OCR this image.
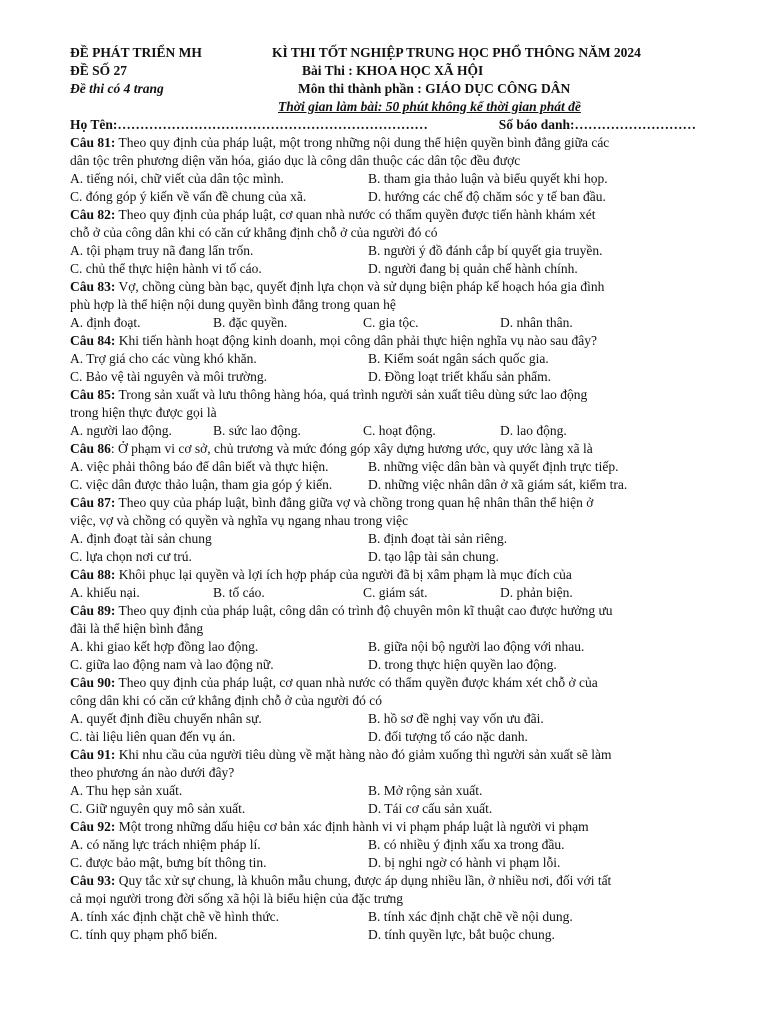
ĐỀ PHÁT TRIỂN MH	KÌ THI TỐT NGHIỆP TRUNG HỌC PHỔ THÔNG NĂM 2024
ĐỀ SỐ 27	Bài Thi : KHOA HỌC XÃ HỘI
Đề thi có 4 trang	Môn thi thành phần : GIÁO DỤC CÔNG DÂN
Thời gian làm bài: 50 phút không kể thời gian phát đề
Họ Tên:……………………………………………………………	Số báo danh:………………………

Câu 81: Theo quy định của pháp luật, một trong những nội dung thể hiện quyền bình đẳng giữa các

dân tộc trên phương diện văn hóa, giáo dục là công dân thuộc các dân tộc đều được

A. tiếng nói, chữ viết của dân tộc mình.	B. tham gia thảo luận và biểu quyết khi họp.
C. đóng góp ý kiến về vấn đề chung của xã.	D. hướng các chế độ chăm sóc y tế ban đầu.

Câu 82: Theo quy định của pháp luật, cơ quan nhà nước có thẩm quyền được tiến hành khám xét

chỗ ở của công dân khi có căn cứ khẳng định chỗ ở của người đó có

A. tội phạm truy nã đang lẩn trốn.	B. người ý đồ đánh cắp bí quyết gia truyền.
C. chủ thể thực hiện hành vi tố cáo.	D. người đang bị quản chế hành chính.

Câu 83: Vợ, chồng cùng bàn bạc, quyết định lựa chọn và sử dụng biện pháp kế hoạch hóa gia đình

phù hợp là thể hiện nội dung quyền bình đẳng trong quan hệ

A. định đoạt.	B. đặc quyền.	C. gia tộc.	D. nhân thân.

Câu 84: Khi tiến hành hoạt động kinh doanh, mọi công dân phải thực hiện nghĩa vụ nào sau đây?

A. Trợ giá cho các vùng khó khăn.	B. Kiểm soát ngân sách quốc gia.
C. Bảo vệ tài nguyên và môi trường.	D. Đồng loạt triết khấu sản phẩm.

Câu 85: Trong sản xuất và lưu thông hàng hóa, quá trình người sản xuất tiêu dùng sức lao động

trong hiện thực được gọi là

A. người lao động.	B. sức lao động.	C. hoạt động.	D. lao động.

Câu 86: Ở phạm vi cơ sở, chủ trương và mức đóng góp xây dựng hương ước, quy ước làng xã là

A. việc phải thông báo để dân biết và thực hiện.	B. những việc dân bàn và quyết định trực tiếp.
C. việc dân được thảo luận, tham gia góp ý kiến.	D. những việc nhân dân ở xã giám sát, kiểm tra.

Câu 87: Theo quy của pháp luật, bình đẳng giữa vợ và chồng trong quan hệ nhân thân thể hiện ở

việc, vợ và chồng có quyền và nghĩa vụ ngang nhau trong việc

A. định đoạt tài sản chung	B. định đoạt tài sản riêng.
C. lựa chọn nơi cư trú.	D. tạo lập tài sản chung.

Câu 88: Khôi phục lại quyền và lợi ích hợp pháp của người đã bị xâm phạm là mục đích của

A. khiếu nại.	B. tố cáo.	C. giám sát.	D. phản biện.

Câu 89: Theo quy định của pháp luật, công dân có trình độ chuyên môn kĩ thuật cao được hưởng ưu

đãi là thể hiện bình đẳng

A. khi giao kết hợp đồng lao động.	B. giữa nội bộ người lao động với nhau.
C. giữa lao động nam và lao động nữ.	D. trong thực hiện quyền lao động.

Câu 90: Theo quy định của pháp luật, cơ quan nhà nước có thẩm quyền được khám xét chỗ ở của

công dân khi có căn cứ khẳng định chỗ ở của người đó có

A. quyết định điều chuyển nhân sự.	B. hồ sơ đề nghị vay vốn ưu đãi.
C. tài liệu liên quan đến vụ án.	D. đối tượng tố cáo nặc danh.

Câu 91: Khi nhu cầu của người tiêu dùng về mặt hàng nào đó giảm xuống thì người sản xuất sẽ làm

theo phương án nào dưới đây?

A. Thu hẹp sản xuất.	B. Mở rộng sản xuất.
C. Giữ nguyên quy mô sản xuất.	D. Tái cơ cấu sản xuất.

Câu 92: Một trong những dấu hiệu cơ bản xác định hành vi vi phạm pháp luật là người vi phạm

A. có năng lực trách nhiệm pháp lí.	B. có nhiều ý định xấu xa trong đầu.
C. được bảo mật, bưng bít thông tin.	D. bị nghi ngờ có hành vi phạm lỗi.

Câu 93: Quy tắc xử sự chung, là khuôn mẫu chung, được áp dụng nhiều lần, ở nhiều nơi, đối với tất

cả mọi người trong đời sống xã hội là biểu hiện của đặc trưng

A. tính xác định chặt chẽ về hình thức.	B. tính xác định chặt chẽ về nội dung.
C. tính quy phạm phổ biến.	D. tính quyền lực, bắt buộc chung.
